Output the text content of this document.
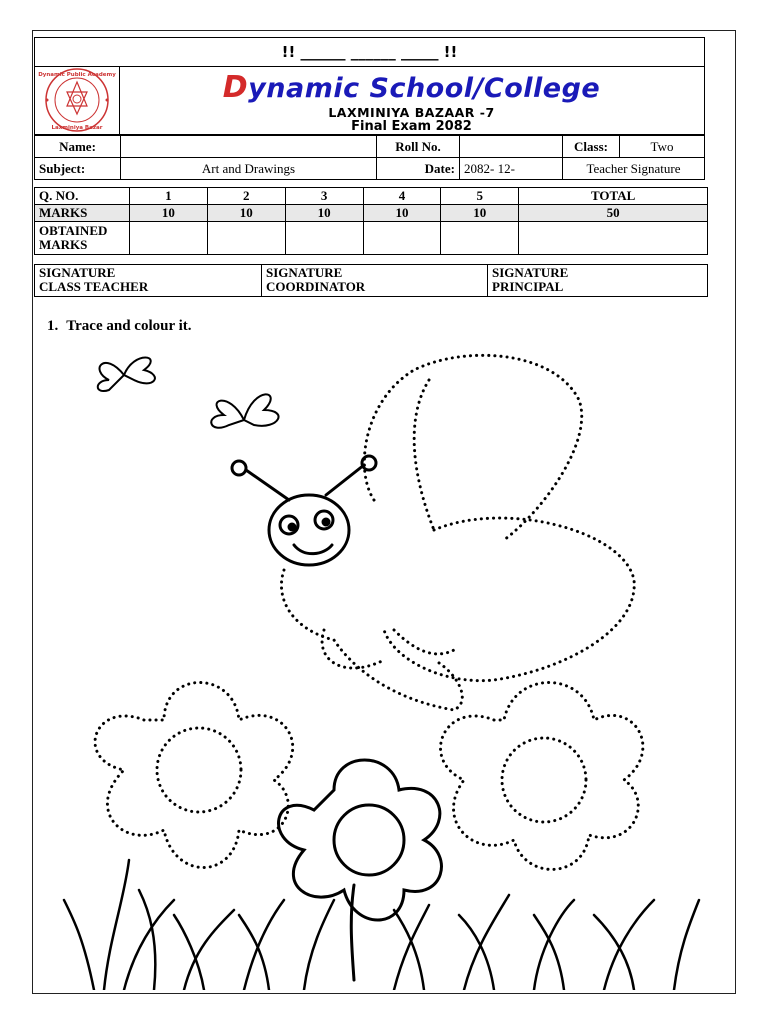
!! ______ ______ _____ !!
Dynamic Public Academy
Laxminiya Bazar
Dynamic School/College
LAXMINIYA BAZAAR -7
Final Exam 2082
Name:		Roll No.		Class:	Two
Subject:	Art and Drawings	Date:	2082- 12-	Teacher Signature	
Q. NO.	1	2	3	4	5	TOTAL
MARKS	10	10	10	10	10	50
OBTAINED MARKS						
SIGNATURE
CLASS TEACHER

SIGNATURE
COORDINATOR

SIGNATURE
PRINCIPAL
1. Trace and colour it.
